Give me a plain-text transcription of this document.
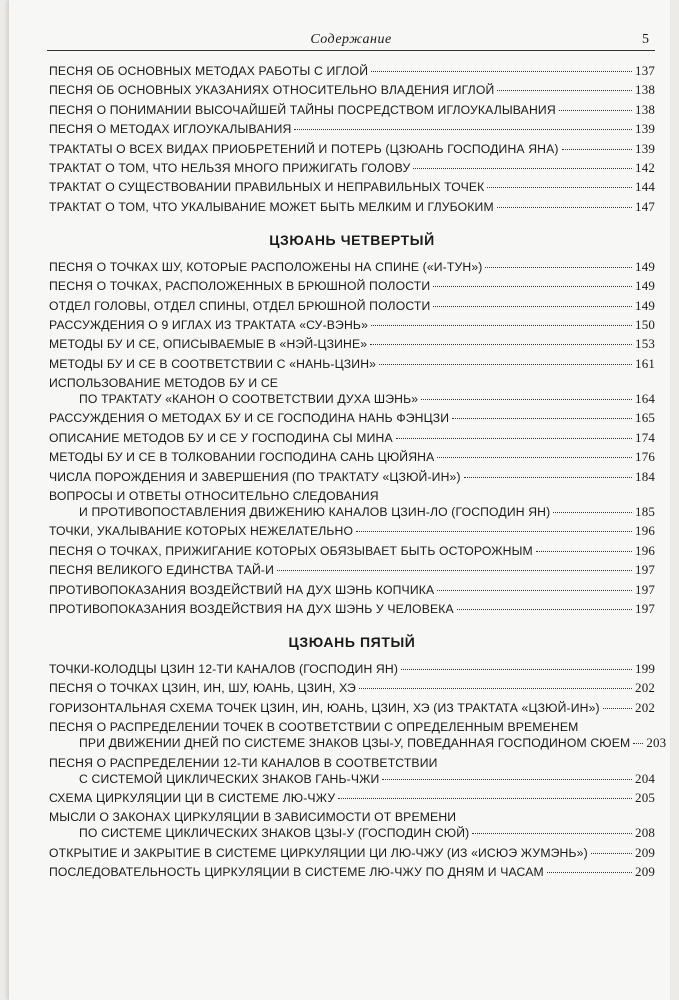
Содержание	5
ПЕСНЯ ОБ ОСНОВНЫХ МЕТОДАХ РАБОТЫ С ИГЛОЙ	137
ПЕСНЯ ОБ ОСНОВНЫХ УКАЗАНИЯХ ОТНОСИТЕЛЬНО ВЛАДЕНИЯ ИГЛОЙ	138
ПЕСНЯ О ПОНИМАНИИ ВЫСОЧАЙШЕЙ ТАЙНЫ ПОСРЕДСТВОМ ИГЛОУКАЛЫВАНИЯ	138
ПЕСНЯ О МЕТОДАХ ИГЛОУКАЛЫВАНИЯ	139
ТРАКТАТЫ О ВСЕХ ВИДАХ ПРИОБРЕТЕНИЙ И ПОТЕРЬ (ЦЗЮАНЬ ГОСПОДИНА ЯНА)	139
ТРАКТАТ О ТОМ, ЧТО НЕЛЬЗЯ МНОГО ПРИЖИГАТЬ ГОЛОВУ	142
ТРАКТАТ О СУЩЕСТВОВАНИИ ПРАВИЛЬНЫХ И НЕПРАВИЛЬНЫХ ТОЧЕК	144
ТРАКТАТ О ТОМ, ЧТО УКАЛЫВАНИЕ МОЖЕТ БЫТЬ МЕЛКИМ И ГЛУБОКИМ	147
ЦЗЮАНЬ ЧЕТВЕРТЫЙ
ПЕСНЯ О ТОЧКАХ ШУ, КОТОРЫЕ РАСПОЛОЖЕНЫ НА СПИНЕ («И-ТУН»)	149
ПЕСНЯ О ТОЧКАХ, РАСПОЛОЖЕННЫХ В БРЮШНОЙ ПОЛОСТИ	149
ОТДЕЛ ГОЛОВЫ, ОТДЕЛ СПИНЫ, ОТДЕЛ БРЮШНОЙ ПОЛОСТИ	149
РАССУЖДЕНИЯ О 9 ИГЛАХ ИЗ ТРАКТАТА «СУ-ВЭНЬ»	150
МЕТОДЫ БУ И СЕ, ОПИСЫВАЕМЫЕ В «НЭЙ-ЦЗИНЕ»	153
МЕТОДЫ БУ И СЕ В СООТВЕТСТВИИ С «НАНЬ-ЦЗИН»	161
ИСПОЛЬЗОВАНИЕ МЕТОДОВ БУ И СЕ
ПО ТРАКТАТУ «КАНОН О СООТВЕТСТВИИ ДУХА ШЭНЬ»	164
РАССУЖДЕНИЯ О МЕТОДАХ БУ И СЕ ГОСПОДИНА НАНЬ ФЭНЦЗИ	165
ОПИСАНИЕ МЕТОДОВ БУ И СЕ У ГОСПОДИНА СЫ МИНА	174
МЕТОДЫ БУ И СЕ В ТОЛКОВАНИИ ГОСПОДИНА САНЬ ЦЮЙЯНА	176
ЧИСЛА ПОРОЖДЕНИЯ И ЗАВЕРШЕНИЯ (ПО ТРАКТАТУ «ЦЗЮЙ-ИН»)	184
ВОПРОСЫ И ОТВЕТЫ ОТНОСИТЕЛЬНО СЛЕДОВАНИЯ
И ПРОТИВОПОСТАВЛЕНИЯ ДВИЖЕНИЮ КАНАЛОВ ЦЗИН-ЛО (ГОСПОДИН ЯН)	185
ТОЧКИ, УКАЛЫВАНИЕ КОТОРЫХ НЕЖЕЛАТЕЛЬНО	196
ПЕСНЯ О ТОЧКАХ, ПРИЖИГАНИЕ КОТОРЫХ ОБЯЗЫВАЕТ БЫТЬ ОСТОРОЖНЫМ	196
ПЕСНЯ ВЕЛИКОГО ЕДИНСТВА ТАЙ-И	197
ПРОТИВОПОКАЗАНИЯ ВОЗДЕЙСТВИЙ НА ДУХ ШЭНЬ КОПЧИКА	197
ПРОТИВОПОКАЗАНИЯ ВОЗДЕЙСТВИЯ НА ДУХ ШЭНЬ У ЧЕЛОВЕКА	197
ЦЗЮАНЬ ПЯТЫЙ
ТОЧКИ-КОЛОДЦЫ ЦЗИН 12-ТИ КАНАЛОВ (ГОСПОДИН ЯН)	199
ПЕСНЯ О ТОЧКАХ ЦЗИН, ИН, ШУ, ЮАНЬ, ЦЗИН, ХЭ	202
ГОРИЗОНТАЛЬНАЯ СХЕМА ТОЧЕК ЦЗИН, ИН, ЮАНЬ, ЦЗИН, ХЭ (ИЗ ТРАКТАТА «ЦЗЮЙ-ИН»)	202
ПЕСНЯ О РАСПРЕДЕЛЕНИИ ТОЧЕК В СООТВЕТСТВИИ С ОПРЕДЕЛЕННЫМ ВРЕМЕНЕМ
ПРИ ДВИЖЕНИИ ДНЕЙ ПО СИСТЕМЕ ЗНАКОВ ЦЗЫ-У, ПОВЕДАННАЯ ГОСПОДИНОМ СЮЕМ 203
ПЕСНЯ О РАСПРЕДЕЛЕНИИ 12-ТИ КАНАЛОВ В СООТВЕТСТВИИ
С СИСТЕМОЙ ЦИКЛИЧЕСКИХ ЗНАКОВ ГАНЬ-ЧЖИ	204
СХЕМА ЦИРКУЛЯЦИИ ЦИ В СИСТЕМЕ ЛЮ-ЧЖУ	205
МЫСЛИ О ЗАКОНАХ ЦИРКУЛЯЦИИ В ЗАВИСИМОСТИ ОТ ВРЕМЕНИ
ПО СИСТЕМЕ ЦИКЛИЧЕСКИХ ЗНАКОВ ЦЗЫ-У (ГОСПОДИН СЮЙ)	208
ОТКРЫТИЕ И ЗАКРЫТИЕ В СИСТЕМЕ ЦИРКУЛЯЦИИ ЦИ ЛЮ-ЧЖУ (ИЗ «ИСЮЭ ЖУМЭНЬ»)	209
ПОСЛЕДОВАТЕЛЬНОСТЬ ЦИРКУЛЯЦИИ В СИСТЕМЕ ЛЮ-ЧЖУ ПО ДНЯМ И ЧАСАМ	209
